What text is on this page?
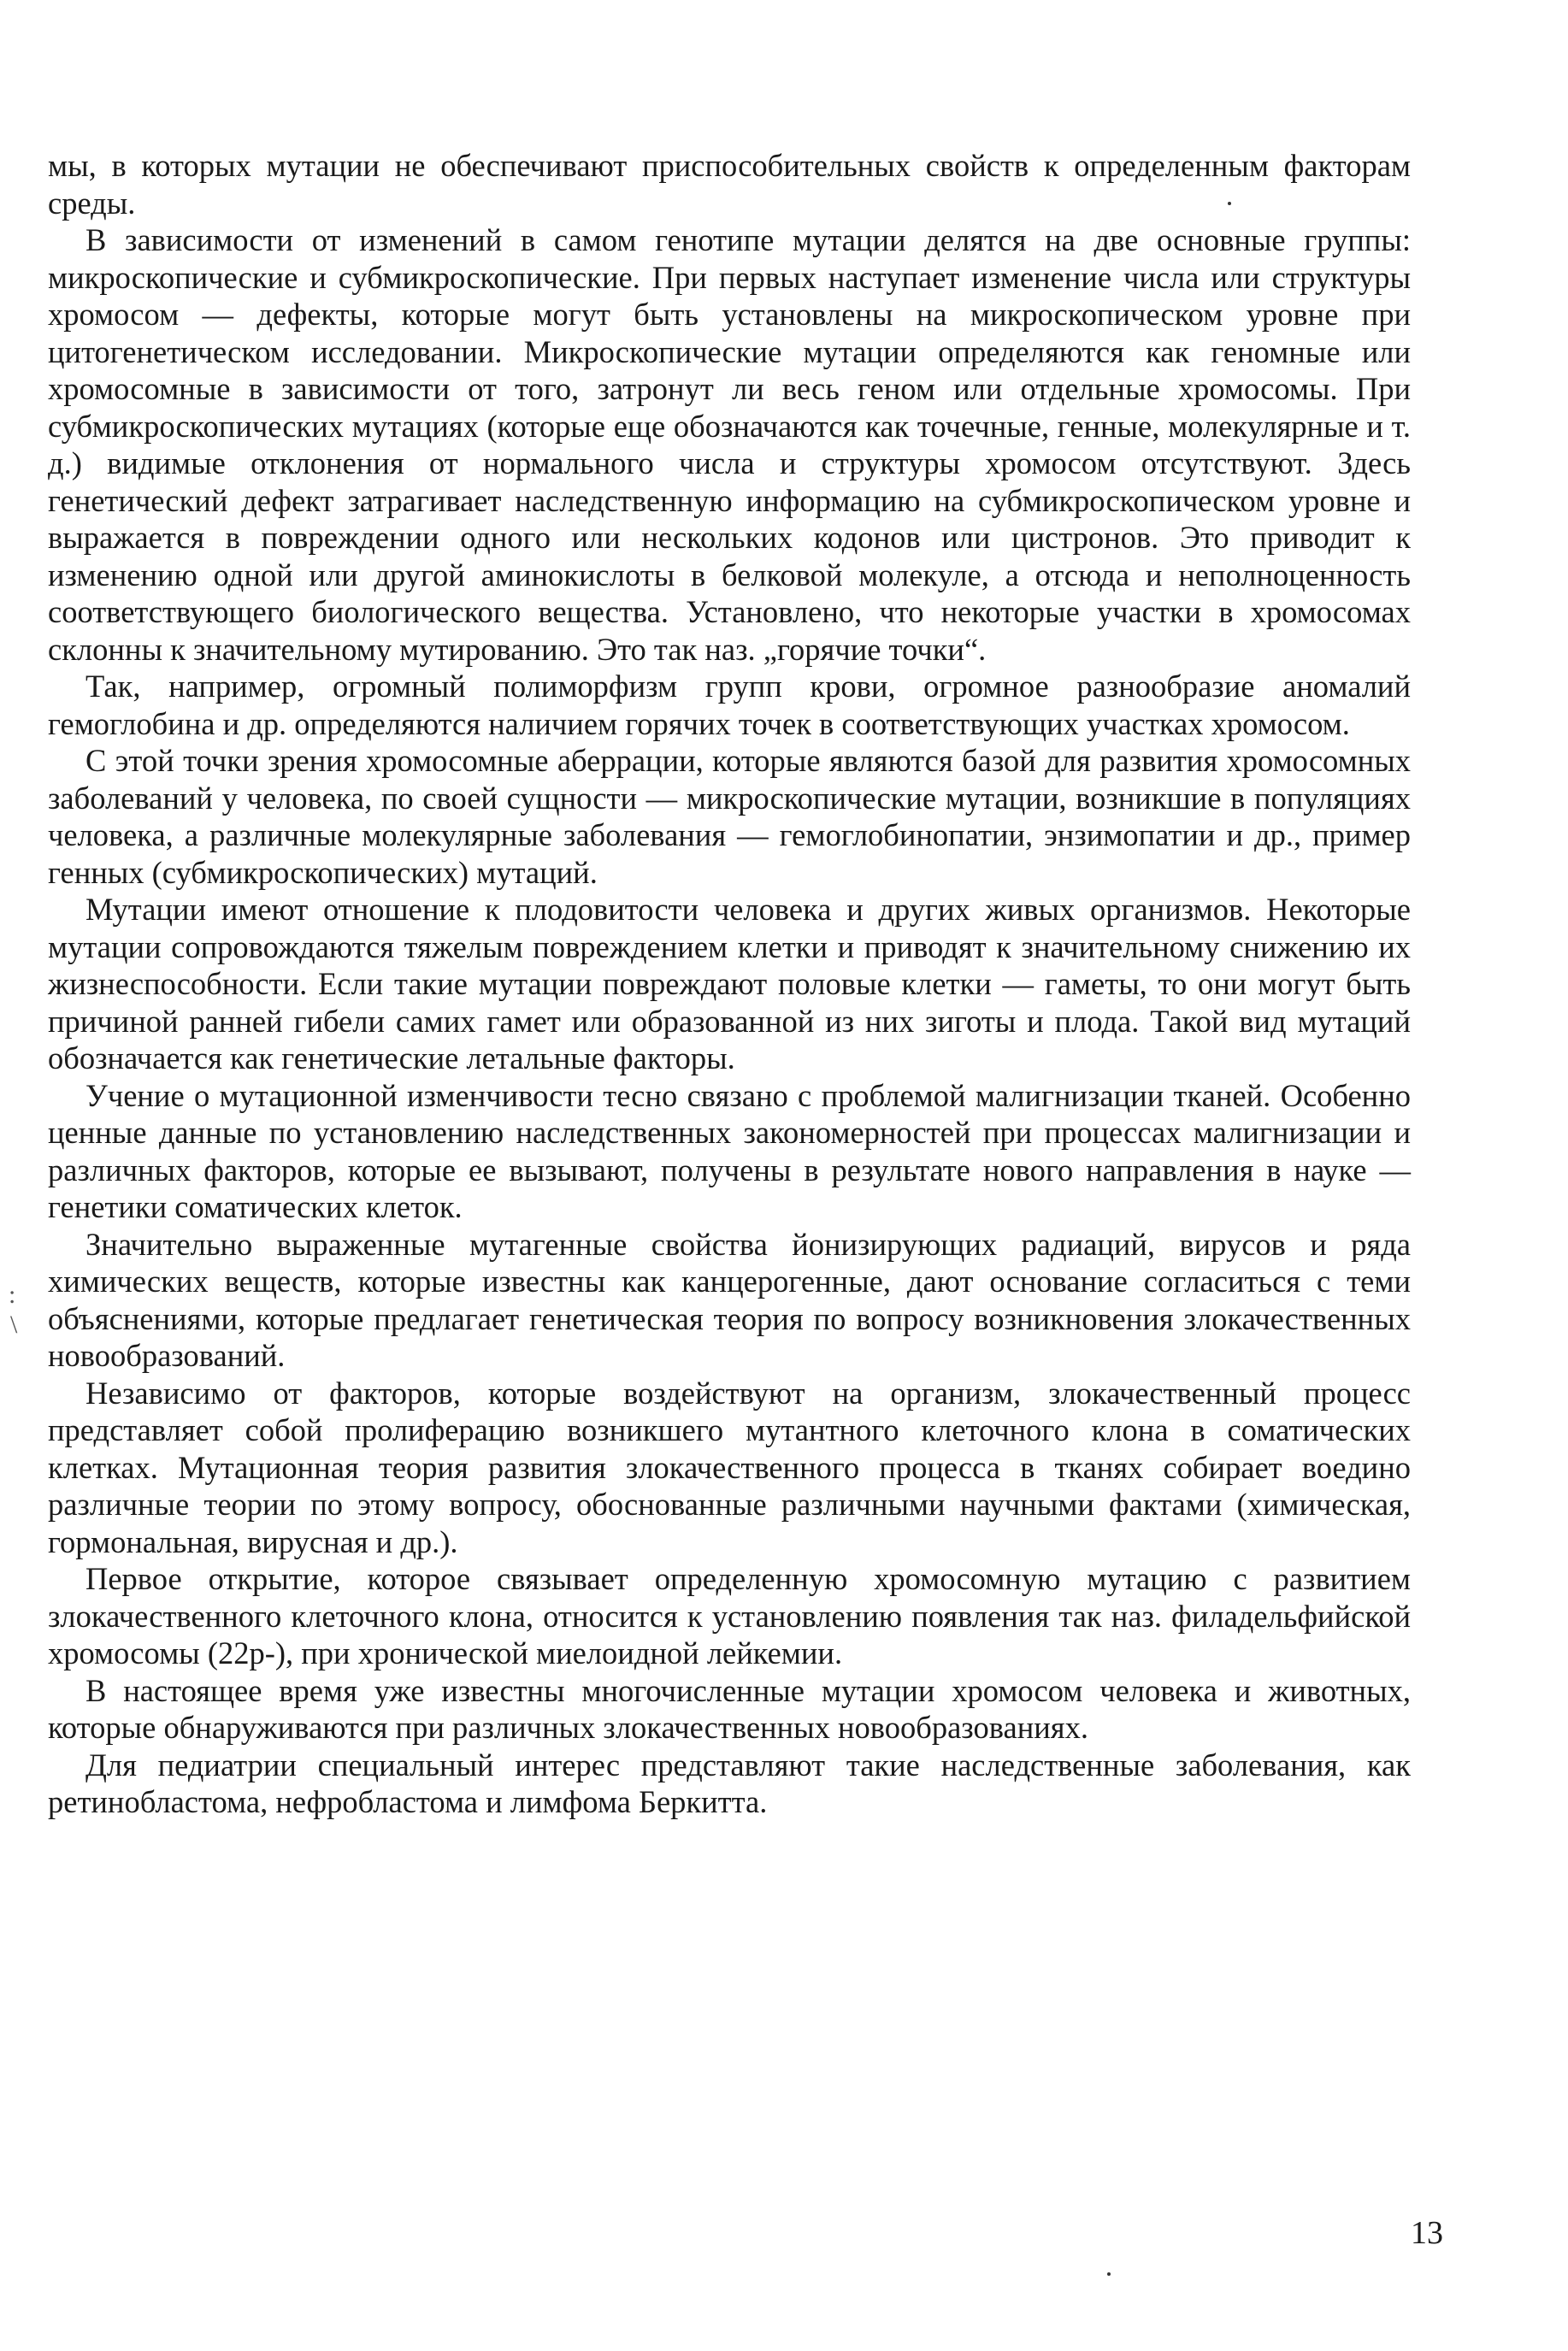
мы, в которых мутации не обеспечивают приспособительных свойств к определенным факторам среды.

В зависимости от изменений в самом генотипе мутации делятся на две основные группы: микроскопические и субмикроскопические. При первых наступает изменение числа или структуры хромосом — дефекты, которые могут быть установлены на микроскопическом уровне при цитогенетическом исследовании. Микроскопические мутации определяются как геномные или хромосомные в зависимости от того, затронут ли весь геном или отдельные хромосомы. При субмикроскопических мутациях (которые еще обозначаются как точечные, генные, молекулярные и т. д.) видимые отклонения от нормального числа и структуры хромосом отсутствуют. Здесь генетический дефект затрагивает наследственную информацию на субмикроскопическом уровне и выражается в повреждении одного или нескольких кодонов или цистронов. Это приводит к изменению одной или другой аминокислоты в белковой молекуле, а отсюда и неполноценность соответствующего биологического вещества. Установлено, что некоторые участки в хромосомах склонны к значительному мутированию. Это так наз. „горячие точки“.

Так, например, огромный полиморфизм групп крови, огромное разнообразие аномалий гемоглобина и др. определяются наличием горячих точек в соответствующих участках хромосом.

С этой точки зрения хромосомные аберрации, которые являются базой для развития хромосомных заболеваний у человека, по своей сущности — микроскопические мутации, возникшие в популяциях человека, а различные молекулярные заболевания — гемоглобинопатии, энзимопатии и др., пример генных (субмикроскопических) мутаций.

Мутации имеют отношение к плодовитости человека и других живых организмов. Некоторые мутации сопровождаются тяжелым повреждением клетки и приводят к значительному снижению их жизнеспособности. Если такие мутации повреждают половые клетки — гаметы, то они могут быть причиной ранней гибели самих гамет или образованной из них зиготы и плода. Такой вид мутаций обозначается как генетические летальные факторы.

Учение о мутационной изменчивости тесно связано с проблемой малигнизации тканей. Особенно ценные данные по установлению наследственных закономерностей при процессах малигнизации и различных факторов, которые ее вызывают, получены в результате нового направления в науке — генетики соматических клеток.

Значительно выраженные мутагенные свойства йонизирующих радиаций, вирусов и ряда химических веществ, которые известны как канцерогенные, дают основание согласиться с теми объяснениями, которые предлагает генетическая теория по вопросу возникновения злокачественных новообразований.

Независимо от факторов, которые воздействуют на организм, злокачественный процесс представляет собой пролиферацию возникшего мутантного клеточного клона в соматических клетках. Мутационная теория развития злокачественного процесса в тканях собирает воедино различные теории по этому вопросу, обоснованные различными научными фактами (химическая, гормональная, вирусная и др.).

Первое открытие, которое связывает определенную хромосомную мутацию с развитием злокачественного клеточного клона, относится к установлению появления так наз. филадельфийской хромосомы (22р-), при хронической миелоидной лейкемии.

В настоящее время уже известны многочисленные мутации хромосом человека и животных, которые обнаруживаются при различных злокачественных новообразованиях.

Для педиатрии специальный интерес представляют такие наследственные заболевания, как ретинобластома, нефробластома и лимфома Беркитта.

:
\
13
